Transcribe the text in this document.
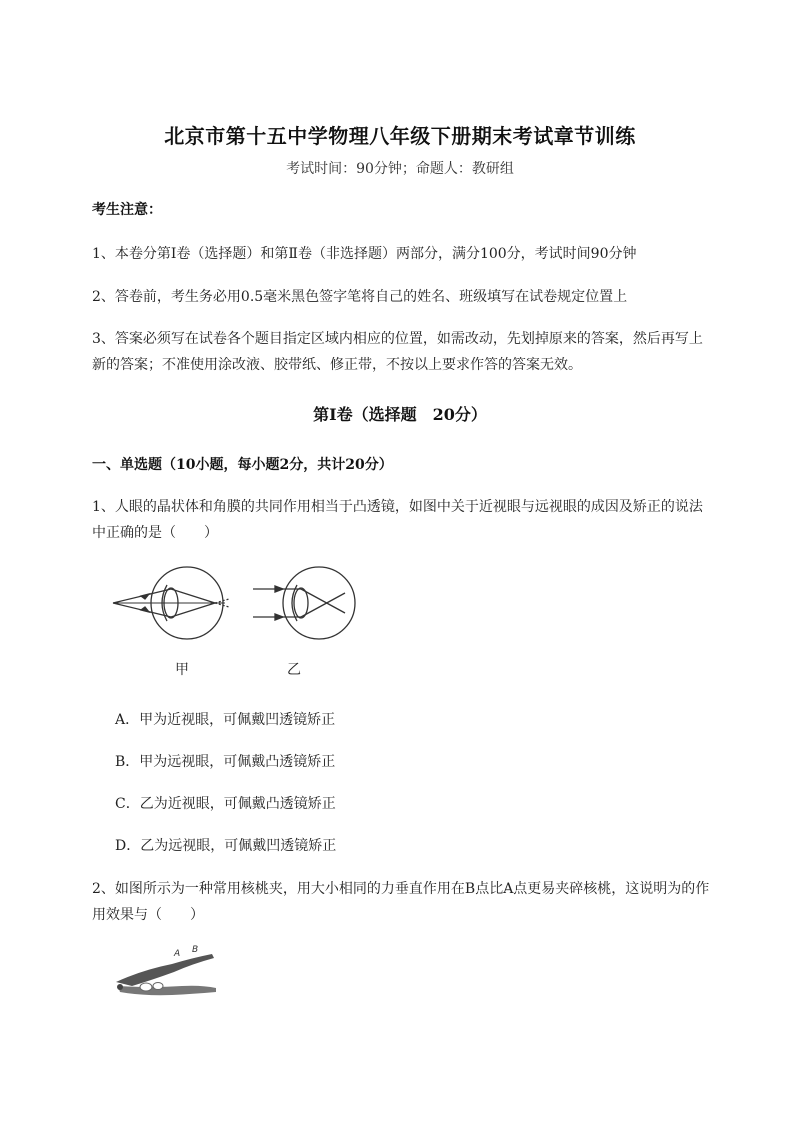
北京市第十五中学物理八年级下册期末考试章节训练
考试时间：90分钟；命题人：教研组
考生注意：
1、本卷分第I卷（选择题）和第Ⅱ卷（非选择题）两部分，满分100分，考试时间90分钟
2、答卷前，考生务必用0.5毫米黑色签字笔将自己的姓名、班级填写在试卷规定位置上
3、答案必须写在试卷各个题目指定区域内相应的位置，如需改动，先划掉原来的答案，然后再写上新的答案；不准使用涂改液、胶带纸、修正带，不按以上要求作答的答案无效。
第I卷（选择题　20分）
一、单选题（10小题，每小题2分，共计20分）
1、人眼的晶状体和角膜的共同作用相当于凸透镜，如图中关于近视眼与远视眼的成因及矫正的说法中正确的是（　　）
甲	乙
A．甲为近视眼，可佩戴凹透镜矫正
B．甲为远视眼，可佩戴凸透镜矫正
C．乙为近视眼，可佩戴凸透镜矫正
D．乙为远视眼，可佩戴凹透镜矫正
2、如图所示为一种常用核桃夹，用大小相同的力垂直作用在B点比A点更易夹碎核桃，这说明为的作用效果与（　　）
A B
